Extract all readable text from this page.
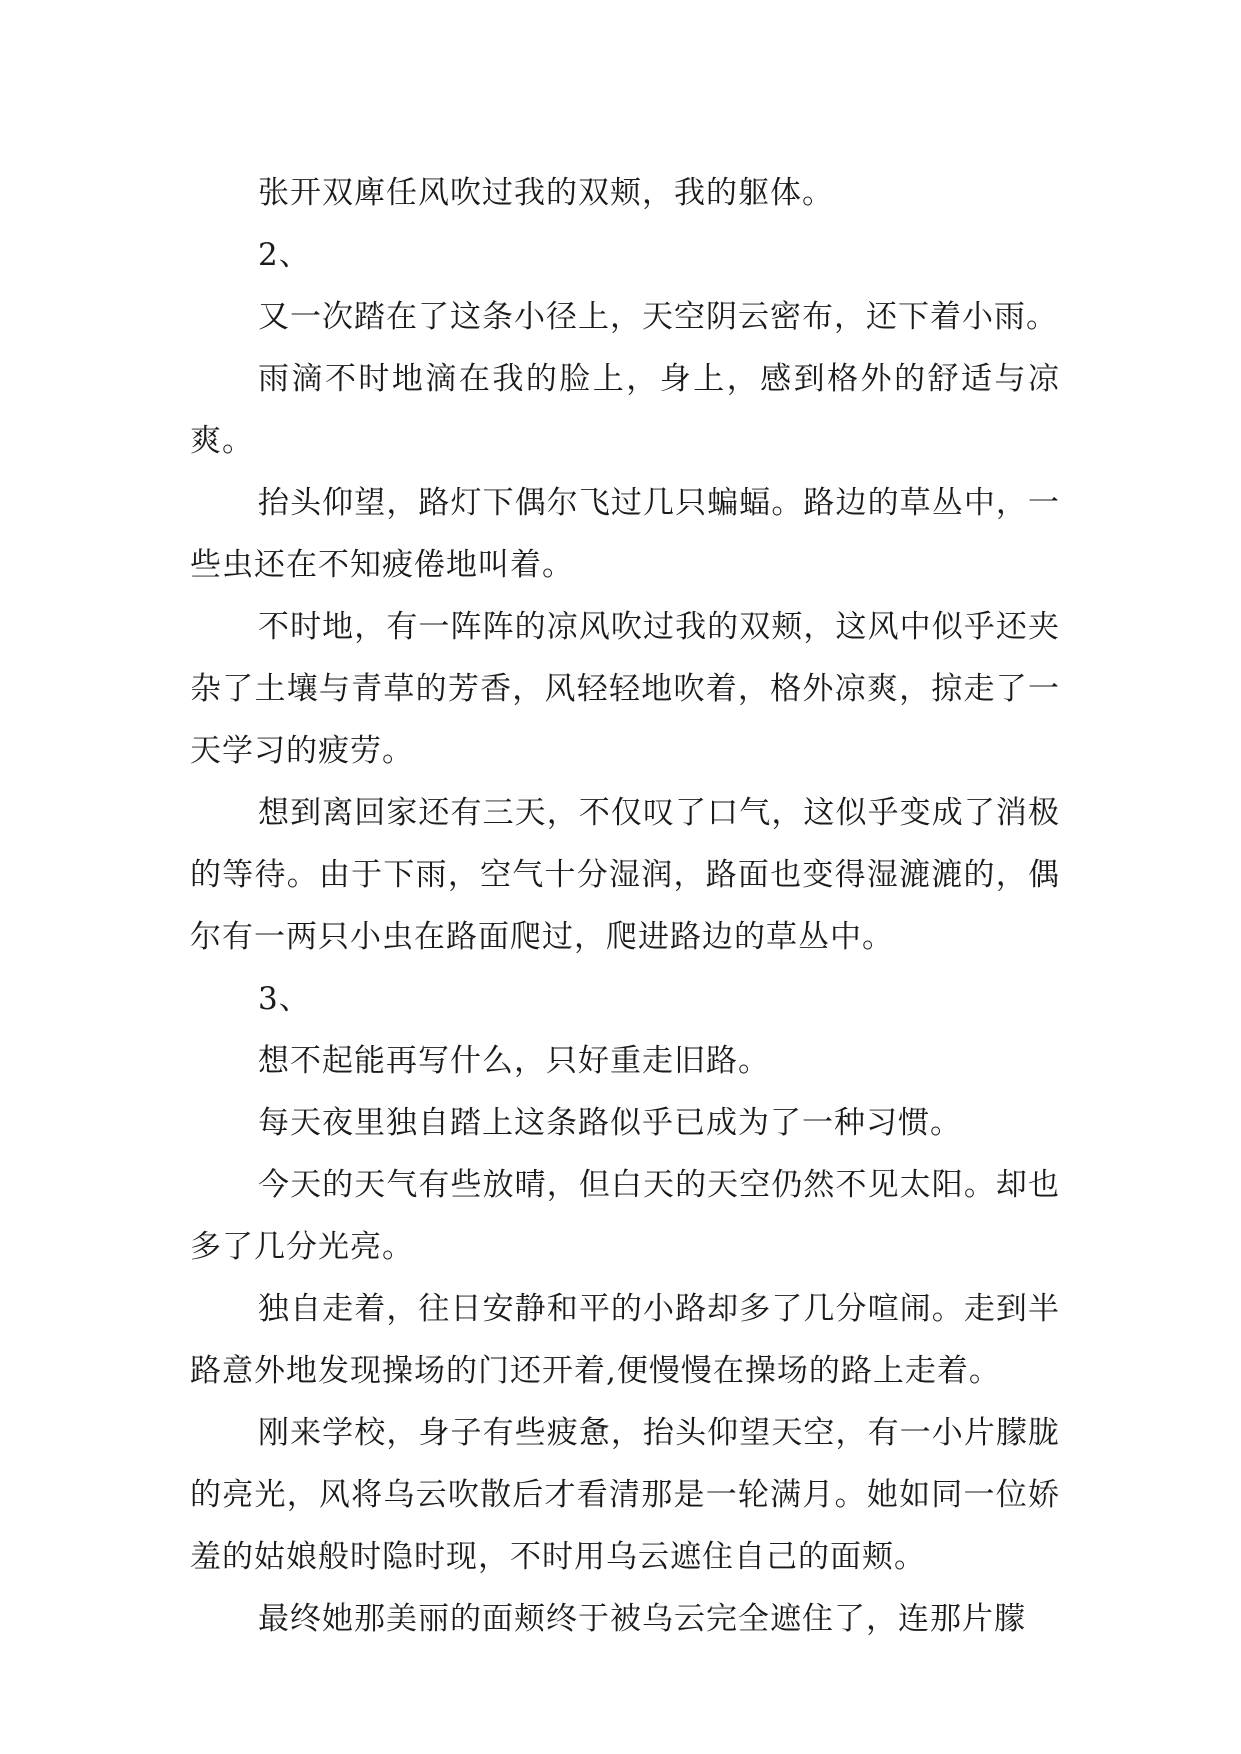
张开双庳任风吹过我的双颊，我的躯体。

2、

又一次踏在了这条小径上，天空阴云密布，还下着小雨。

雨滴不时地滴在我的脸上，身上，感到格外的舒适与凉爽。

抬头仰望，路灯下偶尔飞过几只蝙蝠。路边的草丛中，一些虫还在不知疲倦地叫着。

不时地，有一阵阵的凉风吹过我的双颊，这风中似乎还夹杂了土壤与青草的芳香，风轻轻地吹着，格外凉爽，掠走了一天学习的疲劳。

想到离回家还有三天，不仅叹了口气，这似乎变成了消极的等待。由于下雨，空气十分湿润，路面也变得湿漉漉的，偶尔有一两只小虫在路面爬过，爬进路边的草丛中。

3、

想不起能再写什么，只好重走旧路。

每天夜里独自踏上这条路似乎已成为了一种习惯。

今天的天气有些放晴，但白天的天空仍然不见太阳。却也多了几分光亮。

独自走着，往日安静和平的小路却多了几分喧闹。走到半路意外地发现操场的门还开着,便慢慢在操场的路上走着。

刚来学校，身子有些疲惫，抬头仰望天空，有一小片朦胧的亮光，风将乌云吹散后才看清那是一轮满月。她如同一位娇羞的姑娘般时隐时现，不时用乌云遮住自己的面颊。

最终她那美丽的面颊终于被乌云完全遮住了，连那片朦
